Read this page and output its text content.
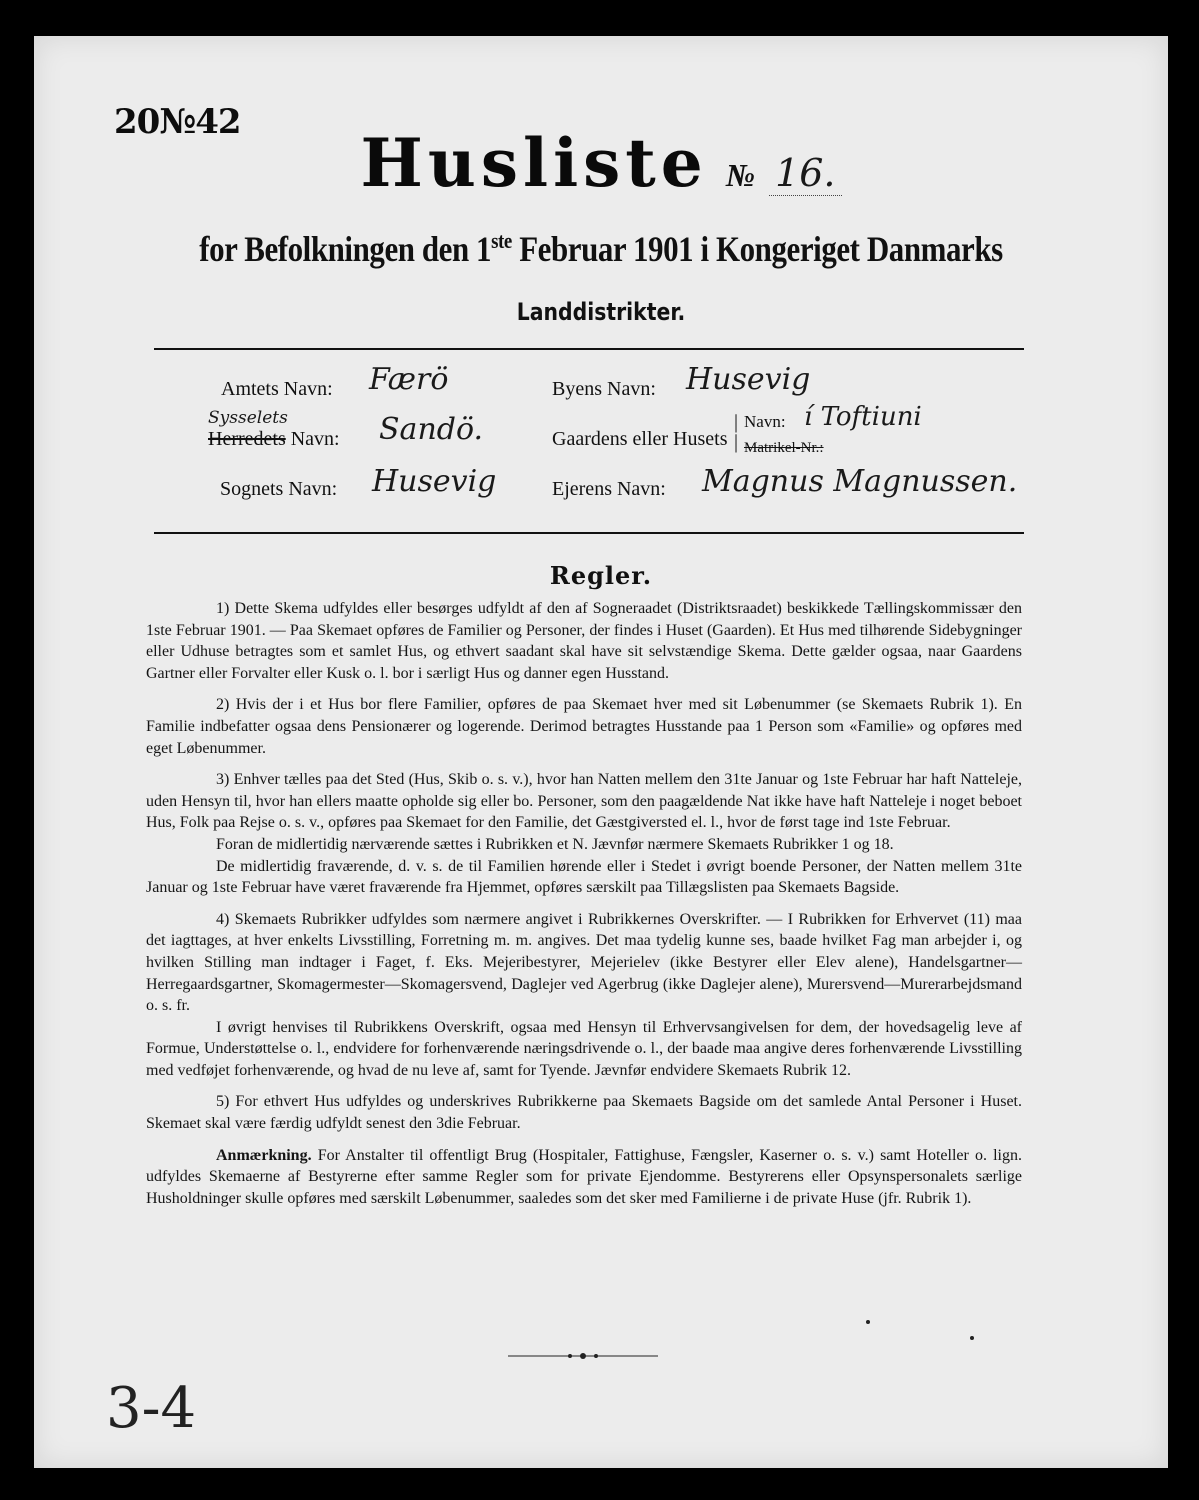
20№42
Husliste № 16.
for Befolkningen den 1ste Februar 1901 i Kongeriget Danmarks
Landdistrikter.
Amtets Navn: Færö
Sysselets
Herredets Navn: Sandö.
Sognets Navn: Husevig
Byens Navn: Husevig
Gaardens eller Husets
|
|
Navn: í Toftiuni
Matrikel-Nr.:
Ejerens Navn: Magnus Magnussen.
Regler.

1) Dette Skema udfyldes eller besørges udfyldt af den af Sogneraadet (Distriktsraadet) beskikkede Tællingskommissær den 1ste Februar 1901. — Paa Skemaet opføres de Familier og Personer, der findes i Huset (Gaarden). Et Hus med tilhørende Sidebygninger eller Udhuse betragtes som et samlet Hus, og ethvert saadant skal have sit selvstændige Skema. Dette gælder ogsaa, naar Gaardens Gartner eller Forvalter eller Kusk o. l. bor i særligt Hus og danner egen Husstand.

2) Hvis der i et Hus bor flere Familier, opføres de paa Skemaet hver med sit Løbenummer (se Skemaets Rubrik 1). En Familie indbefatter ogsaa dens Pensionærer og logerende. Derimod betragtes Husstande paa 1 Person som «Familie» og opføres med eget Løbenummer.

3) Enhver tælles paa det Sted (Hus, Skib o. s. v.), hvor han Natten mellem den 31te Januar og 1ste Februar har haft Natteleje, uden Hensyn til, hvor han ellers maatte opholde sig eller bo. Personer, som den paagældende Nat ikke have haft Natteleje i noget beboet Hus, Folk paa Rejse o. s. v., opføres paa Skemaet for den Familie, det Gæstgiversted el. l., hvor de først tage ind 1ste Februar.

Foran de midlertidig nærværende sættes i Rubrikken et N. Jævnfør nærmere Skemaets Rubrikker 1 og 18.

De midlertidig fraværende, d. v. s. de til Familien hørende eller i Stedet i øvrigt boende Personer, der Natten mellem 31te Januar og 1ste Februar have været fraværende fra Hjemmet, opføres særskilt paa Tillægslisten paa Skemaets Bagside.

4) Skemaets Rubrikker udfyldes som nærmere angivet i Rubrikkernes Overskrifter. — I Rubrikken for Erhvervet (11) maa det iagttages, at hver enkelts Livsstilling, Forretning m. m. angives. Det maa tydelig kunne ses, baade hvilket Fag man arbejder i, og hvilken Stilling man indtager i Faget, f. Eks. Mejeribestyrer, Mejerielev (ikke Bestyrer eller Elev alene), Handelsgartner—Herregaardsgartner, Skomagermester—Skomagersvend, Daglejer ved Agerbrug (ikke Daglejer alene), Murersvend—Murerarbejdsmand o. s. fr.

I øvrigt henvises til Rubrikkens Overskrift, ogsaa med Hensyn til Erhvervsangivelsen for dem, der hovedsagelig leve af Formue, Understøttelse o. l., endvidere for forhenværende næringsdrivende o. l., der baade maa angive deres forhenværende Livsstilling med vedføjet forhenværende, og hvad de nu leve af, samt for Tyende. Jævnfør endvidere Skemaets Rubrik 12.

5) For ethvert Hus udfyldes og underskrives Rubrikkerne paa Skemaets Bagside om det samlede Antal Personer i Huset. Skemaet skal være færdig udfyldt senest den 3die Februar.

Anmærkning. For Anstalter til offentligt Brug (Hospitaler, Fattighuse, Fængsler, Kaserner o. s. v.) samt Hoteller o. lign. udfyldes Skemaerne af Bestyrerne efter samme Regler som for private Ejendomme. Bestyrerens eller Opsynspersonalets særlige Husholdninger skulle opføres med særskilt Løbenummer, saaledes som det sker med Familierne i de private Huse (jfr. Rubrik 1).

3-4
